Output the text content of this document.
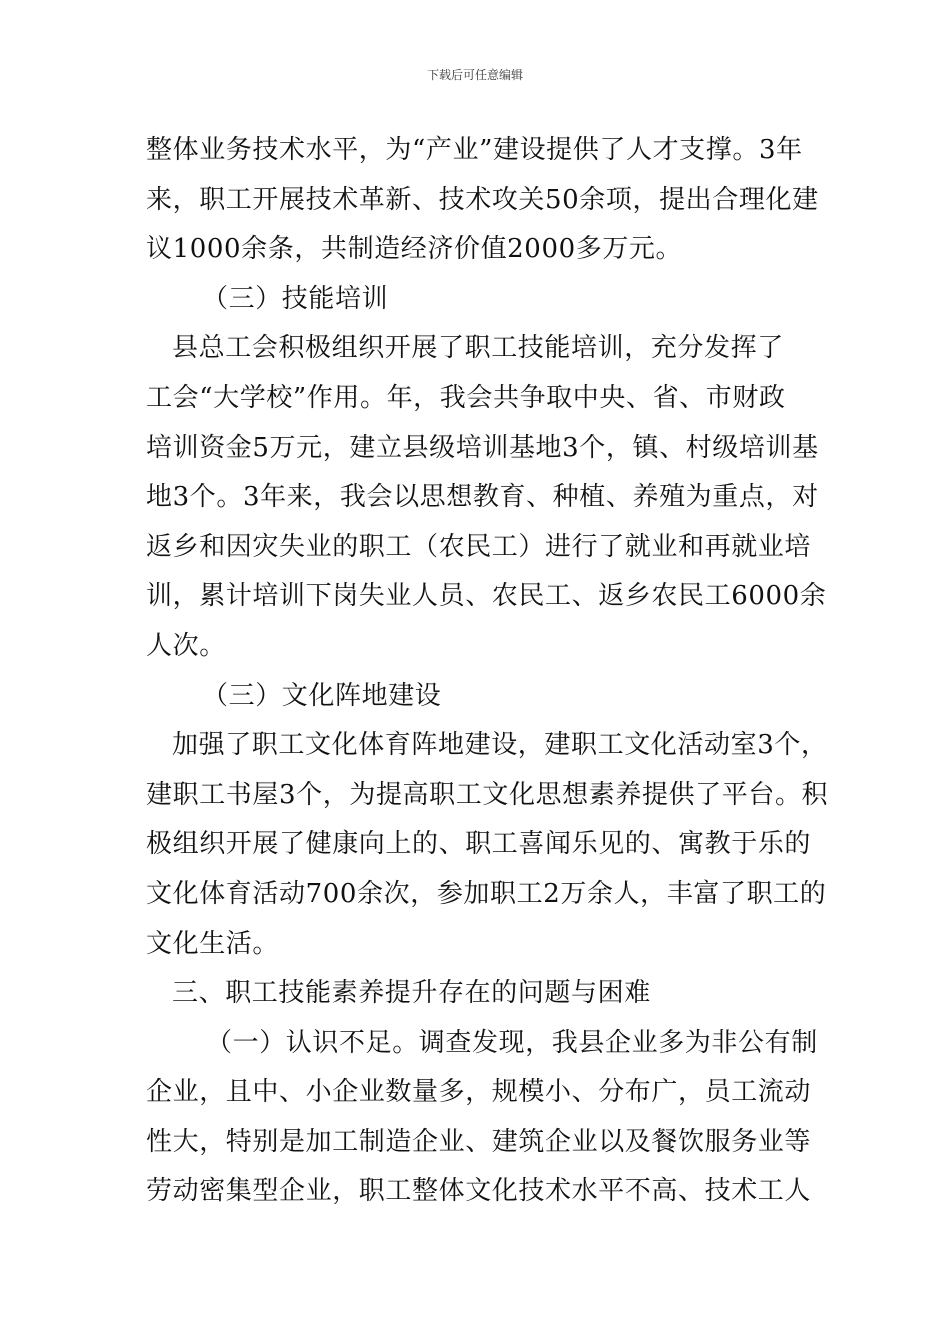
下载后可任意编辑
整体业务技术水平，为“产业”建设提供了人才支撑。3年
来，职工开展技术革新、技术攻关50余项，提出合理化建
议1000余条，共制造经济价值2000多万元。
（三）技能培训
县总工会积极组织开展了职工技能培训，充分发挥了
工会“大学校”作用。年，我会共争取中央、省、市财政
培训资金5万元，建立县级培训基地3个，镇、村级培训基
地3个。3年来，我会以思想教育、种植、养殖为重点，对
返乡和因灾失业的职工（农民工）进行了就业和再就业培
训，累计培训下岗失业人员、农民工、返乡农民工6000余
人次。
（三）文化阵地建设
加强了职工文化体育阵地建设，建职工文化活动室3个，
建职工书屋3个，为提高职工文化思想素养提供了平台。积
极组织开展了健康向上的、职工喜闻乐见的、寓教于乐的
文化体育活动700余次，参加职工2万余人，丰富了职工的
文化生活。
三、职工技能素养提升存在的问题与困难
（一）认识不足。调查发现，我县企业多为非公有制
企业，且中、小企业数量多，规模小、分布广，员工流动
性大，特别是加工制造企业、建筑企业以及餐饮服务业等
劳动密集型企业，职工整体文化技术水平不高、技术工人
